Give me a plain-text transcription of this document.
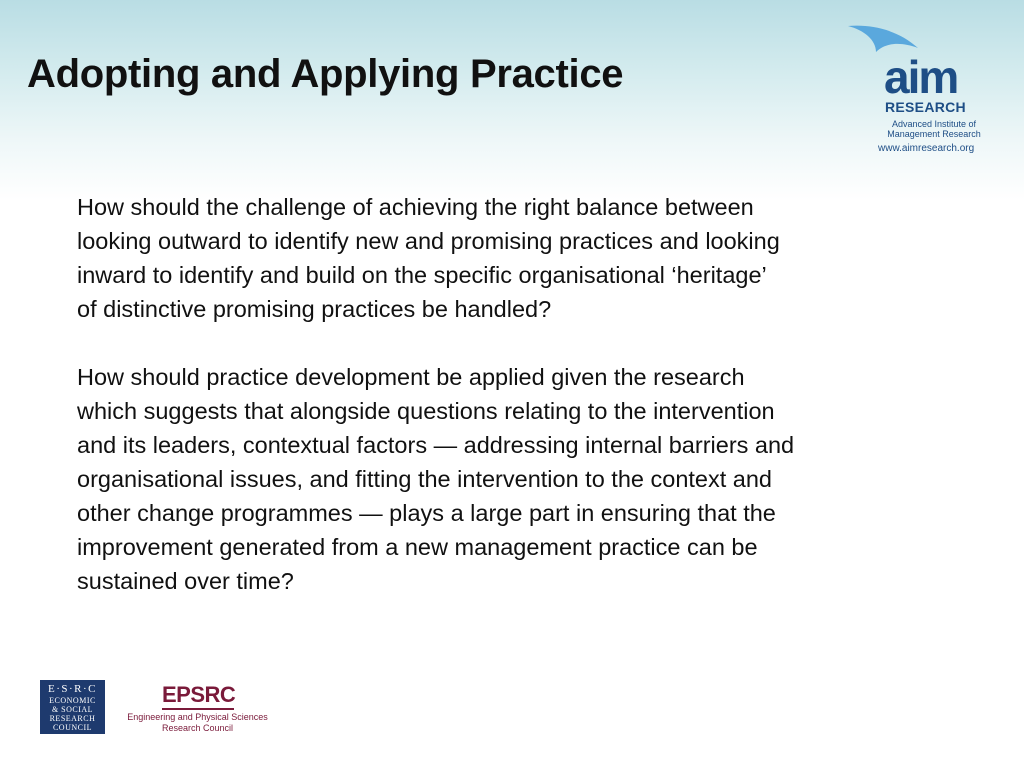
Adopting and Applying Practice	aim
RESEARCH
Advanced Institute of
Management Research
www.aimresearch.org

How should the challenge of achieving the right balance between
looking outward to identify new and promising practices and looking
inward to identify and build on the specific organisational ‘heritage’
of distinctive promising practices be handled?

How should practice development be applied given the research
which suggests that alongside questions relating to the intervention
and its leaders, contextual factors — addressing internal barriers and
organisational issues, and fitting the intervention to the context and
other change programmes — plays a large part in ensuring that the
improvement generated from a new management practice can be
sustained over time?

E·S·R·C
ECONOMIC
& SOCIAL
RESEARCH
COUNCIL
EPSRC
Engineering and Physical Sciences
Research Council
